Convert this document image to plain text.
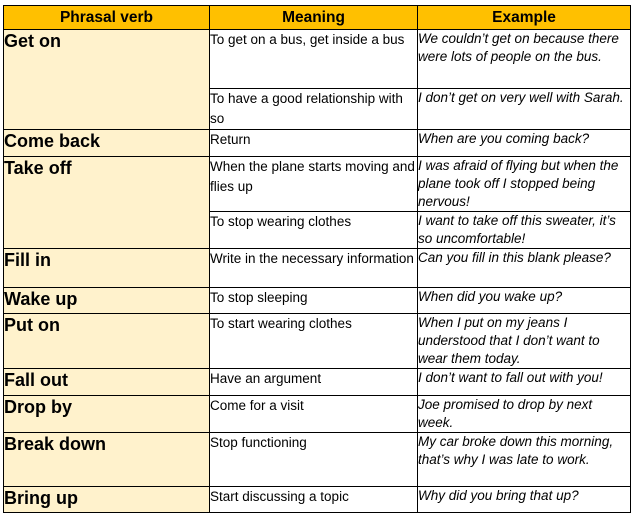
Phrasal verb	Meaning	Example
Get on	To get on a bus, get inside a bus	We couldn’t get on because there were lots of people on the bus.
	To have a good relationship with so	I don’t get on very well with Sarah.
Come back	Return	When are you coming back?
Take off	When the plane starts moving and flies up	I was afraid of flying but when the plane took off I stopped being nervous!
	To stop wearing clothes	I want to take off this sweater, it’s so uncomfortable!
Fill in	Write in the necessary information	Can you fill in this blank please?
Wake up	To stop sleeping	When did you wake up?
Put on	To start wearing clothes	When I put on my jeans I understood that I don’t want to wear them today.
Fall out	Have an argument	I don’t want to fall out with you!
Drop by	Come for a visit	Joe promised to drop by next week.
Break down	Stop functioning	My car broke down this morning, that’s why I was late to work.
Bring up	Start discussing a topic	Why did you bring that up?
